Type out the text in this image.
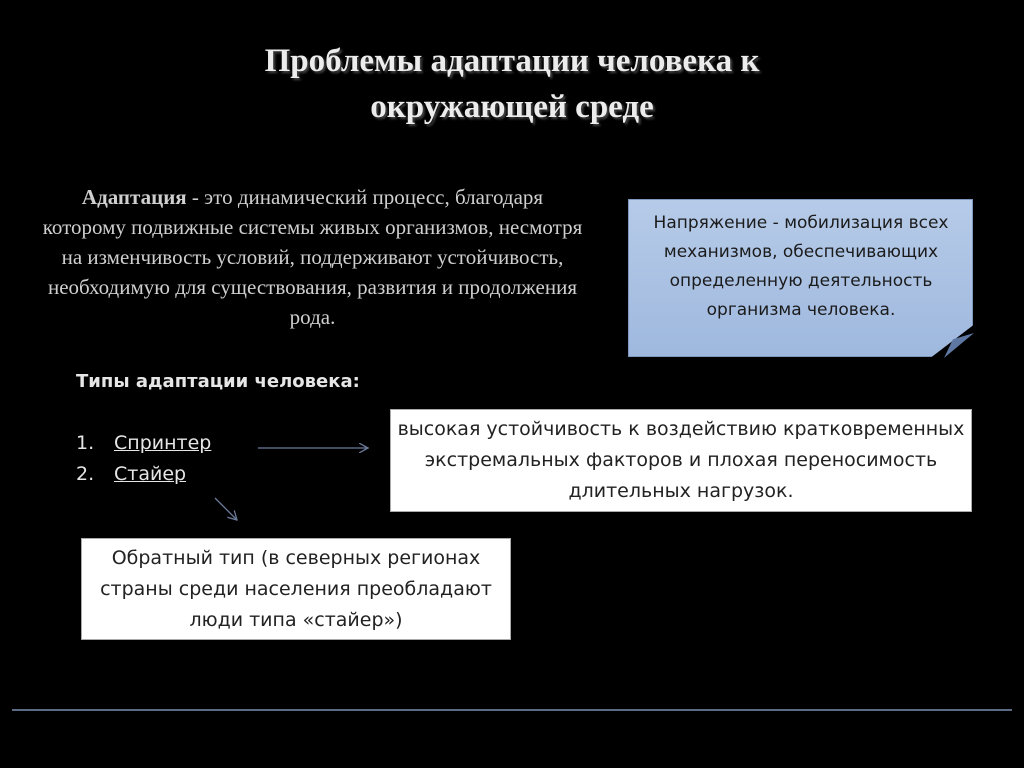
Проблемы адаптации человека к
окружающей среде
Адаптация - это динамический процесс, благодаря которому подвижные системы живых организмов, несмотря на изменчивость условий, поддерживают устойчивость, необходимую для существования, развития и продолжения рода.
Напряжение - мобилизация всех механизмов, обеспечивающих определенную деятельность организма человека.
Типы адаптации человека:
1. Спринтер
2. Стайер
высокая устойчивость к воздействию кратковременных экстремальных факторов и плохая переносимость длительных нагрузок.
Обратный тип (в северных регионах страны среди населения преобладают люди типа «стайер»)
